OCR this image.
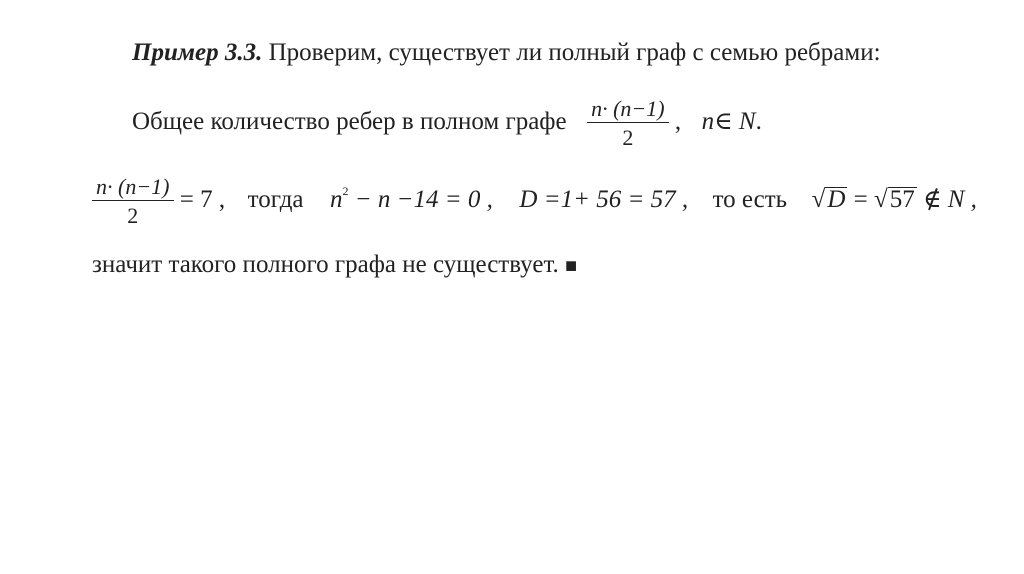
Пример 3.3. Проверим, существует ли полный граф с семью ребрами:
Общее количество ребер в полном графе $\frac{n\cdot (n-1)}{2}$ , n∈ N.
$\frac{n\cdot (n-1)}{2} = 7$ , тогда $n^2 - n -14 = 0$ , D =1+ 56 = 57 , то есть √D = √57 ∉ N ,
значит такого полного графа не существует. ■
